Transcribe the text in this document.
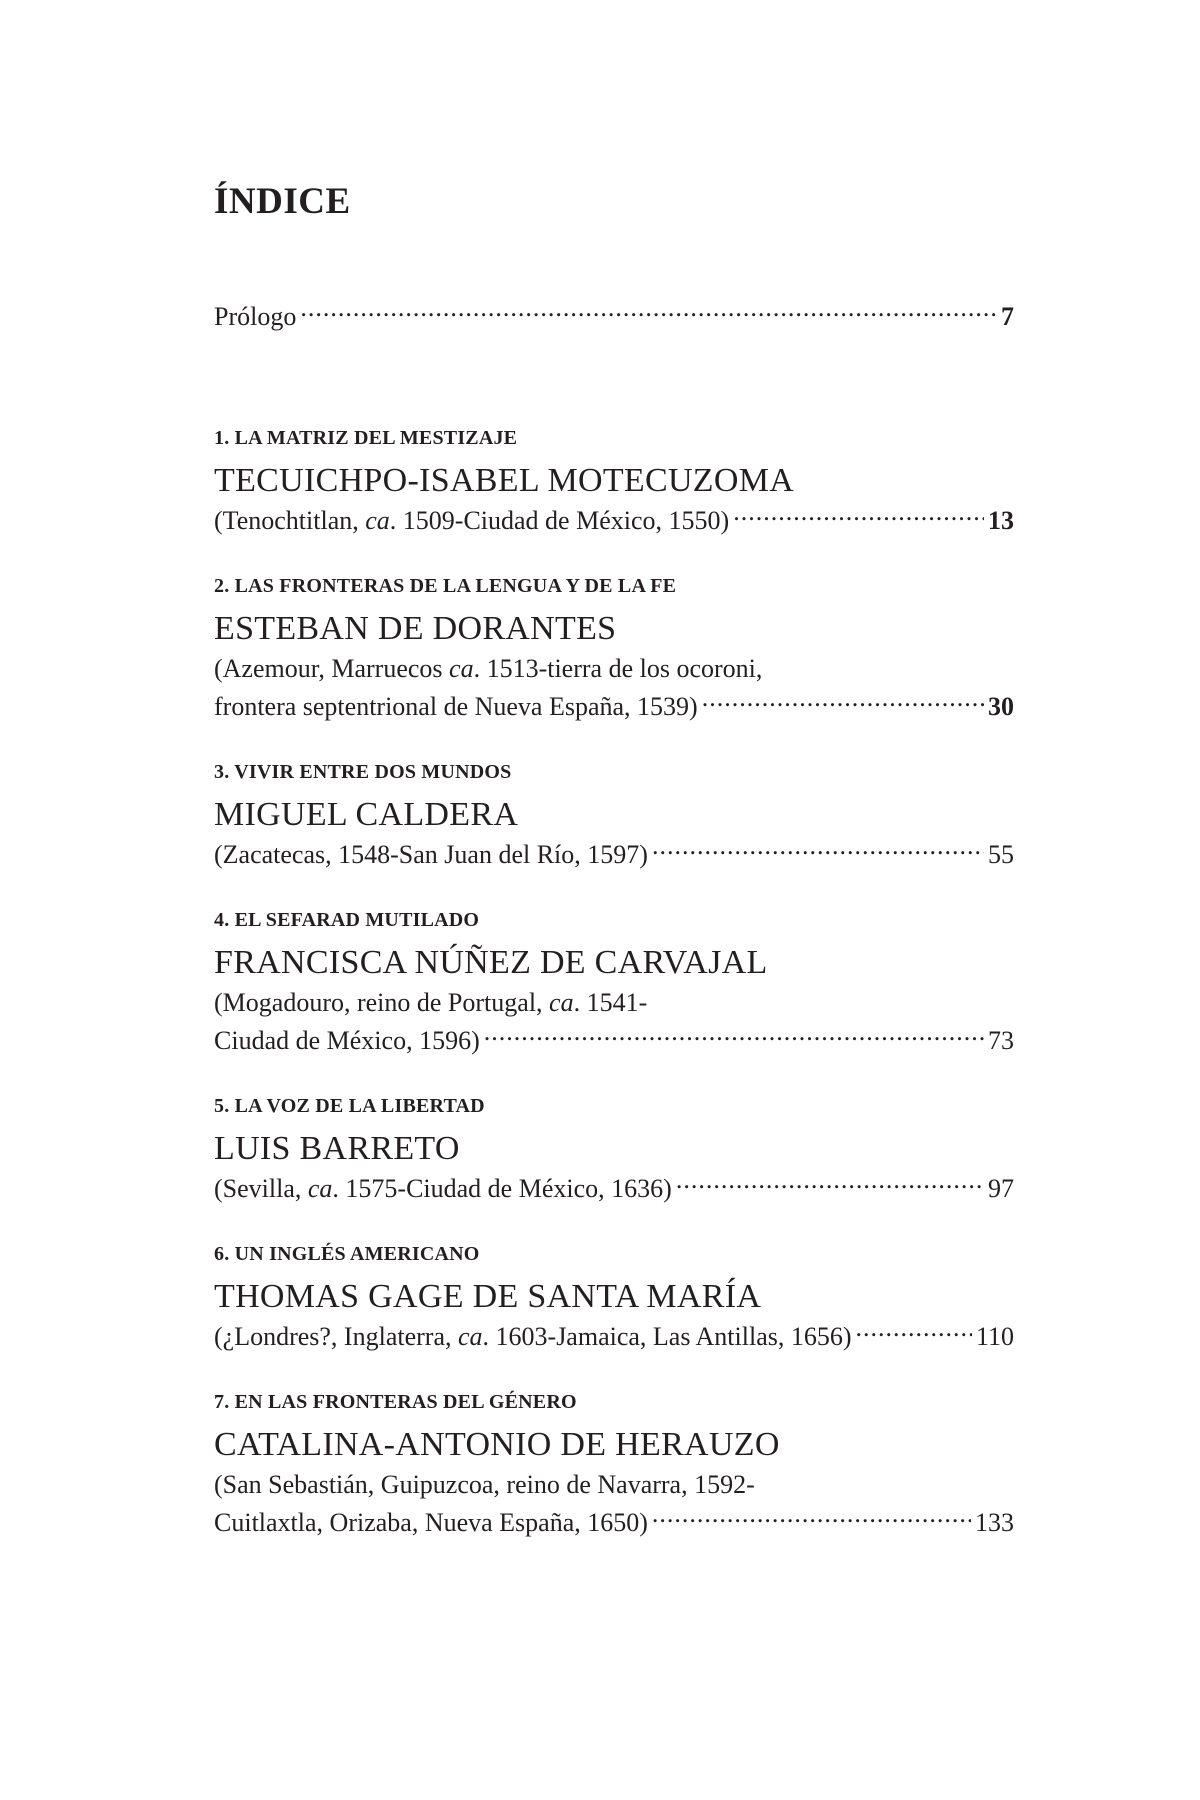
ÍNDICE
Prólogo .....	7
1. LA MATRIZ DEL MESTIZAJE
TECUICHPO-ISABEL MOTECUZOMA
(Tenochtitlan, ca. 1509-Ciudad de México, 1550) .....	13
2. LAS FRONTERAS DE LA LENGUA Y DE LA FE
ESTEBAN DE DORANTES
(Azemour, Marruecos ca. 1513-tierra de los ocoroni,
frontera septentrional de Nueva España, 1539) .....	30
3. VIVIR ENTRE DOS MUNDOS
MIGUEL CALDERA
(Zacatecas, 1548-San Juan del Río, 1597) .....	55
4. EL SEFARAD MUTILADO
FRANCISCA NÚÑEZ DE CARVAJAL
(Mogadouro, reino de Portugal, ca. 1541-
Ciudad de México, 1596) .....	73
5. LA VOZ DE LA LIBERTAD
LUIS BARRETO
(Sevilla, ca. 1575-Ciudad de México, 1636) .....	97
6. UN INGLÉS AMERICANO
THOMAS GAGE DE SANTA MARÍA
(¿Londres?, Inglaterra, ca. 1603-Jamaica, Las Antillas, 1656) .....	110
7. EN LAS FRONTERAS DEL GÉNERO
CATALINA-ANTONIO DE HERAUZO
(San Sebastián, Guipuzcoa, reino de Navarra, 1592-
Cuitlaxtla, Orizaba, Nueva España, 1650) .....	133
